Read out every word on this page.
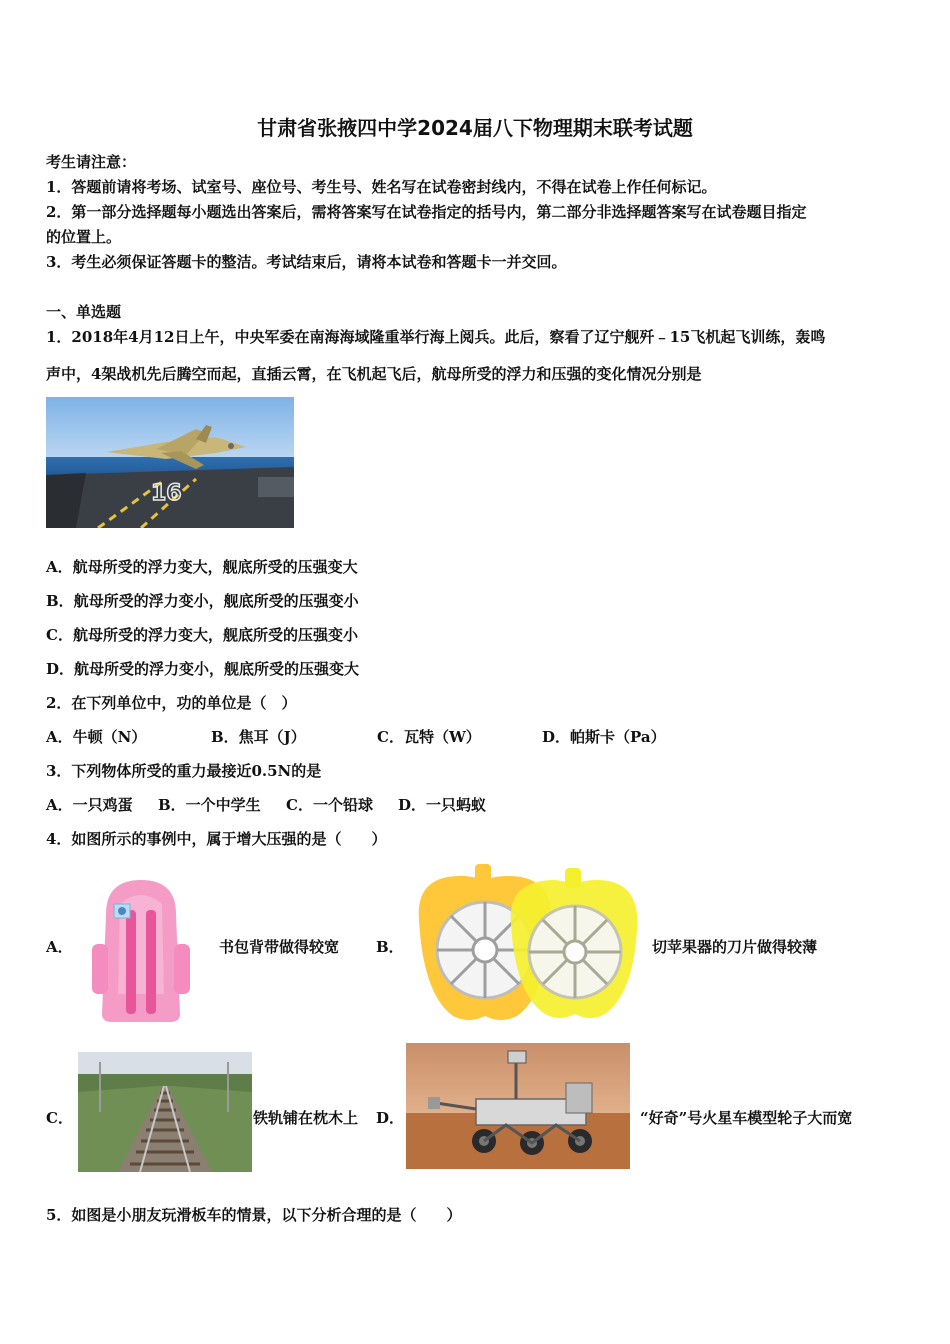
甘肃省张掖四中学2024届八下物理期末联考试题
考生请注意：
1．答题前请将考场、试室号、座位号、考生号、姓名写在试卷密封线内，不得在试卷上作任何标记。
2．第一部分选择题每小题选出答案后，需将答案写在试卷指定的括号内，第二部分非选择题答案写在试卷题目指定
的位置上。
3．考生必须保证答题卡的整洁。考试结束后，请将本试卷和答题卡一并交回。
一、单选题
1．2018年4月12日上午，中央军委在南海海域隆重举行海上阅兵。此后，察看了辽宁舰歼﹣15飞机起飞训练，轰鸣
声中，4架战机先后腾空而起，直插云霄，在飞机起飞后，航母所受的浮力和压强的变化情况分别是
16
A．航母所受的浮力变大，舰底所受的压强变大
B．航母所受的浮力变小，舰底所受的压强变小
C．航母所受的浮力变大，舰底所受的压强变小
D．航母所受的浮力变小，舰底所受的压强变大
2．在下列单位中，功的单位是（　）
A．牛顿（N）	B．焦耳（J）	C．瓦特（W）	D．帕斯卡（Pa）
3．下列物体所受的重力最接近0.5N的是
A．一只鸡蛋 B．一个中学生 C．一个铅球 D．一只蚂蚁
4．如图所示的事例中，属于增大压强的是（　　）
A．	书包背带做得较宽 B．	切苹果器的刀片做得较薄
C．	铁轨铺在枕木上 D．	“好奇”号火星车模型轮子大而宽
5．如图是小朋友玩滑板车的情景，以下分析合理的是（　　）
